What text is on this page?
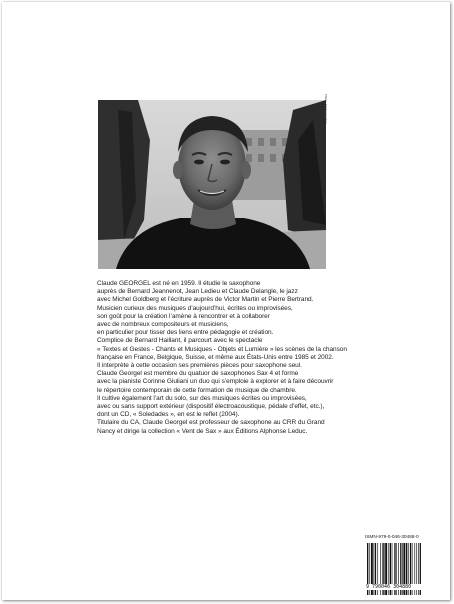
Photo : Michel Cochen
Claude GEORGEL est né en 1959. Il étudie le saxophone
auprès de Bernard Jeannenot, Jean Ledieu et Claude Delangle, le jazz
avec Michel Goldberg et l’écriture auprès de Victor Martin et Pierre Bertrand.
Musicien curieux des musiques d’aujourd’hui, écrites ou improvisées,
son goût pour la création l’amène à rencontrer et à collaborer
avec de nombreux compositeurs et musiciens,
en particulier pour tisser des liens entre pédagogie et création.
Complice de Bernard Haillant, il parcourt avec le spectacle
« Textes et Gestes - Chants et Musiques - Objets et Lumière » les scènes de la chanson
française en France, Belgique, Suisse, et même aux États-Unis entre 1985 et 2002.
Il interprète à cette occasion ses premières pièces pour saxophone seul.
Claude Georgel est membre du quatuor de saxophones Sax 4 et forme
avec la pianiste Corinne Giuliani un duo qui s’emploie à explorer et à faire découvrir
le répertoire contemporain de cette formation de musique de chambre.
Il cultive également l’art du solo, sur des musiques écrites ou improvisées,
avec ou sans support extérieur (dispositif électroacoustique, pédale d’effet, etc.),
dont un CD, « Soledades », en est le reflet (2004).
Titulaire du CA, Claude Georgel est professeur de saxophone au CRR du Grand
Nancy et dirige la collection « Vent de Sax » aux Éditions Alphonse Leduc.
ISMN-979-0-046-30488-0
9 790046 304880
